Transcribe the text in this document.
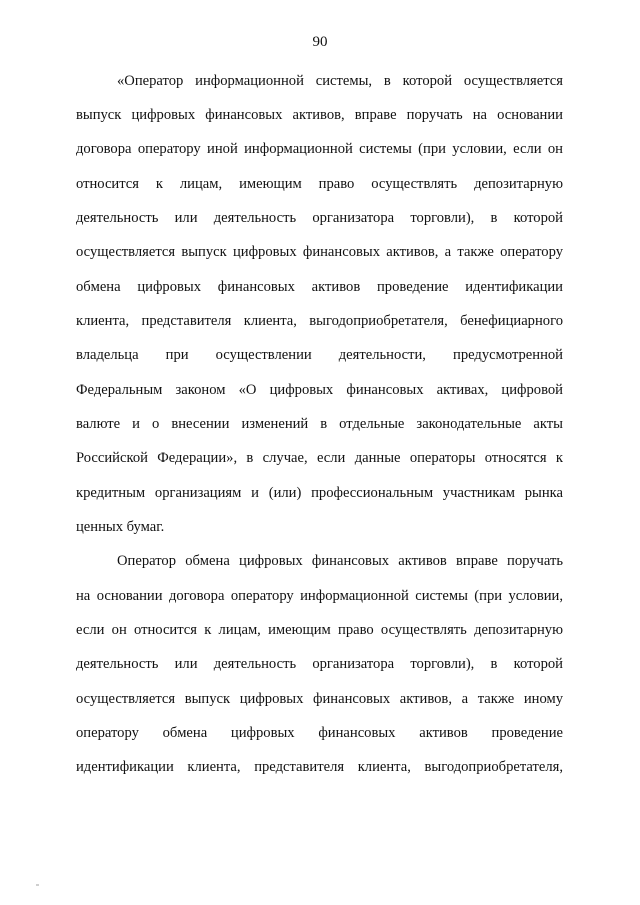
90
«Оператор информационной системы, в которой осуществляется
выпуск цифровых финансовых активов, вправе поручать на основании
договора оператору иной информационной системы (при условии, если он
относится к лицам, имеющим право осуществлять депозитарную
деятельность или деятельность организатора торговли), в которой
осуществляется выпуск цифровых финансовых активов, а также оператору
обмена цифровых финансовых активов проведение идентификации
клиента, представителя клиента, выгодоприобретателя, бенефициарного
владельца при осуществлении деятельности, предусмотренной
Федеральным законом «О цифровых финансовых активах, цифровой
валюте и о внесении изменений в отдельные законодательные акты
Российской Федерации», в случае, если данные операторы относятся к
кредитным организациям и (или) профессиональным участникам рынка
ценных бумаг.
Оператор обмена цифровых финансовых активов вправе поручать
на основании договора оператору информационной системы (при условии,
если он относится к лицам, имеющим право осуществлять депозитарную
деятельность или деятельность организатора торговли), в которой
осуществляется выпуск цифровых финансовых активов, а также иному
оператору обмена цифровых финансовых активов проведение
идентификации клиента, представителя клиента, выгодоприобретателя,
